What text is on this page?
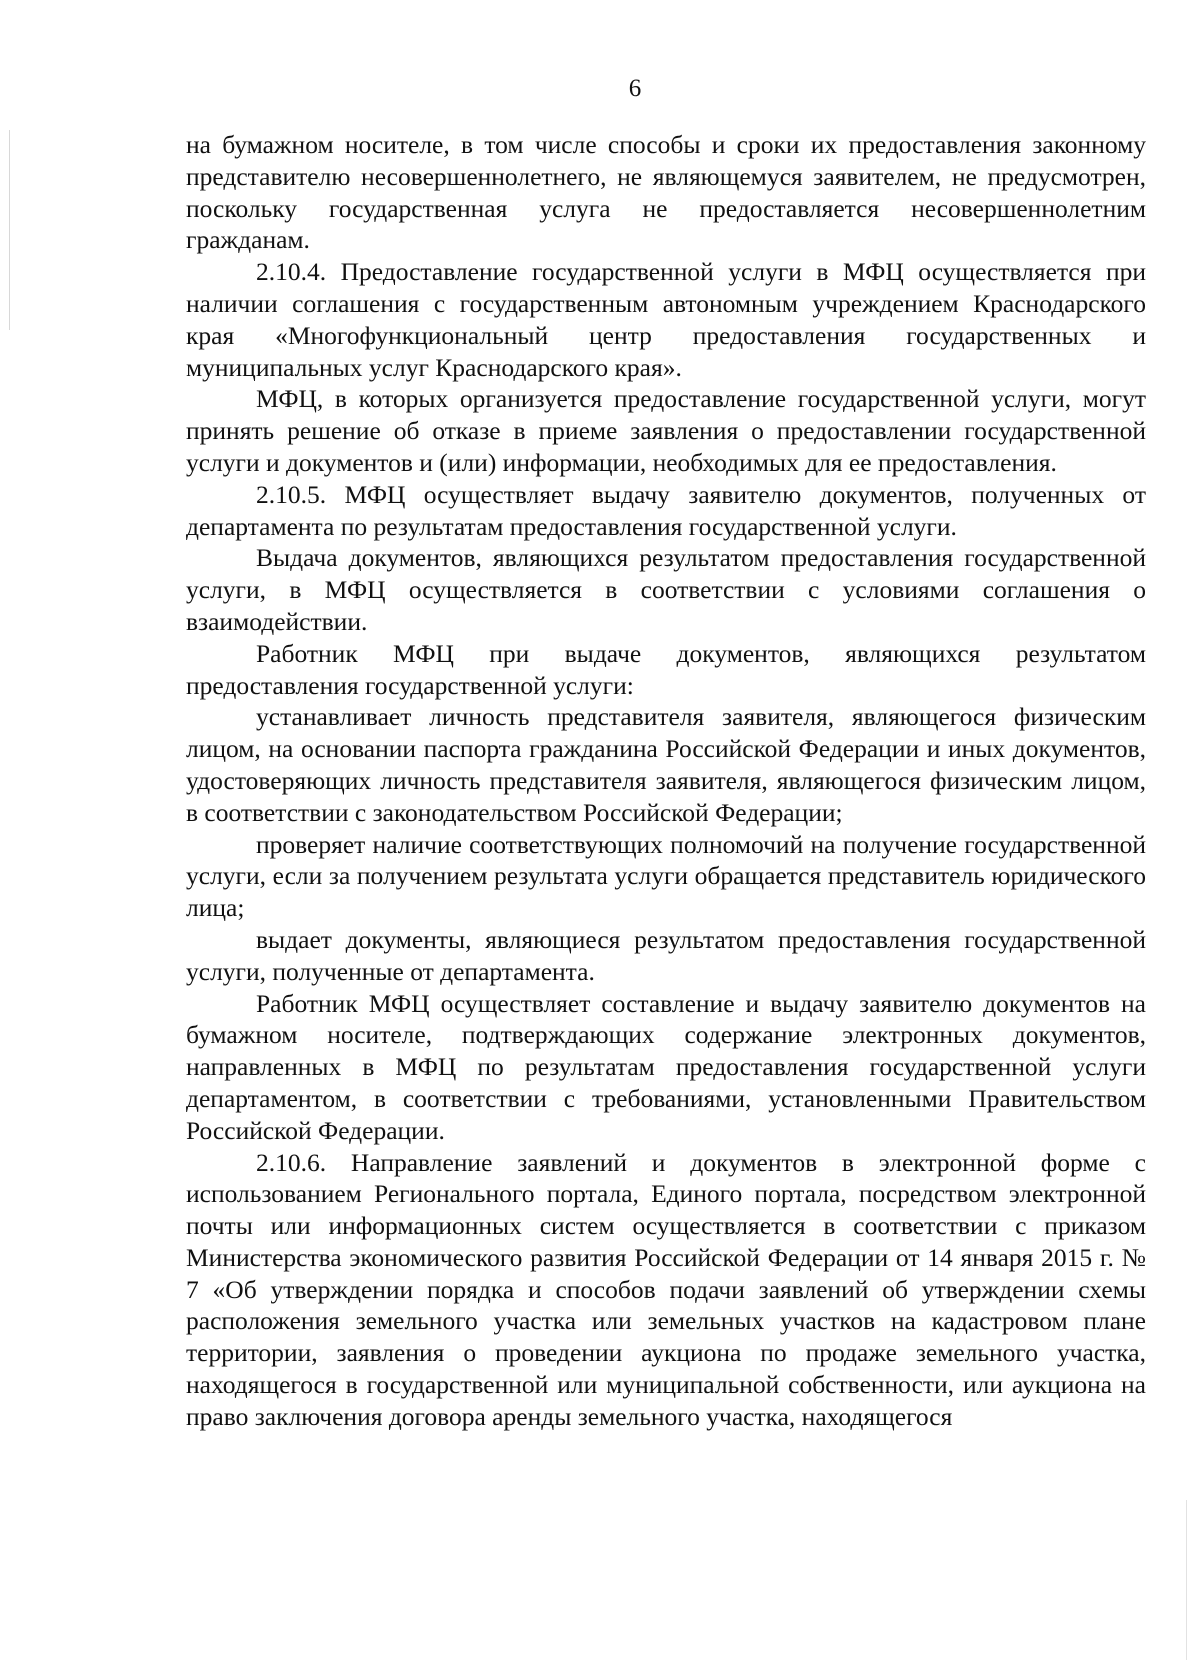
6

на бумажном носителе, в том числе способы и сроки их предоставления законному представителю несовершеннолетнего, не являющемуся заявителем, не предусмотрен, поскольку государственная услуга не предоставляется несовершеннолетним гражданам.

2.10.4. Предоставление государственной услуги в МФЦ осуществляется при наличии соглашения с государственным автономным учреждением Краснодарского края «Многофункциональный центр предоставления государственных и муниципальных услуг Краснодарского края».

МФЦ, в которых организуется предоставление государственной услуги, могут принять решение об отказе в приеме заявления о предоставлении государственной услуги и документов и (или) информации, необходимых для ее предоставления.

2.10.5. МФЦ осуществляет выдачу заявителю документов, полученных от департамента по результатам предоставления государственной услуги.

Выдача документов, являющихся результатом предоставления государственной услуги, в МФЦ осуществляется в соответствии с условиями соглашения о взаимодействии.

Работник МФЦ при выдаче документов, являющихся результатом предоставления государственной услуги:

устанавливает личность представителя заявителя, являющегося физическим лицом, на основании паспорта гражданина Российской Федерации и иных документов, удостоверяющих личность представителя заявителя, являющегося физическим лицом, в соответствии с законодательством Российской Федерации;

проверяет наличие соответствующих полномочий на получение государственной услуги, если за получением результата услуги обращается представитель юридического лица;

выдает документы, являющиеся результатом предоставления государственной услуги, полученные от департамента.

Работник МФЦ осуществляет составление и выдачу заявителю документов на бумажном носителе, подтверждающих содержание электронных документов, направленных в МФЦ по результатам предоставления государственной услуги департаментом, в соответствии с требованиями, установленными Правительством Российской Федерации.

2.10.6. Направление заявлений и документов в электронной форме с использованием Регионального портала, Единого портала, посредством электронной почты или информационных систем осуществляется в соответствии с приказом Министерства экономического развития Российской Федерации от 14 января 2015 г. № 7 «Об утверждении порядка и способов подачи заявлений об утверждении схемы расположения земельного участка или земельных участков на кадастровом плане территории, заявления о проведении аукциона по продаже земельного участка, находящегося в государственной или муниципальной собственности, или аукциона на право заключения договора аренды земельного участка, находящегося
